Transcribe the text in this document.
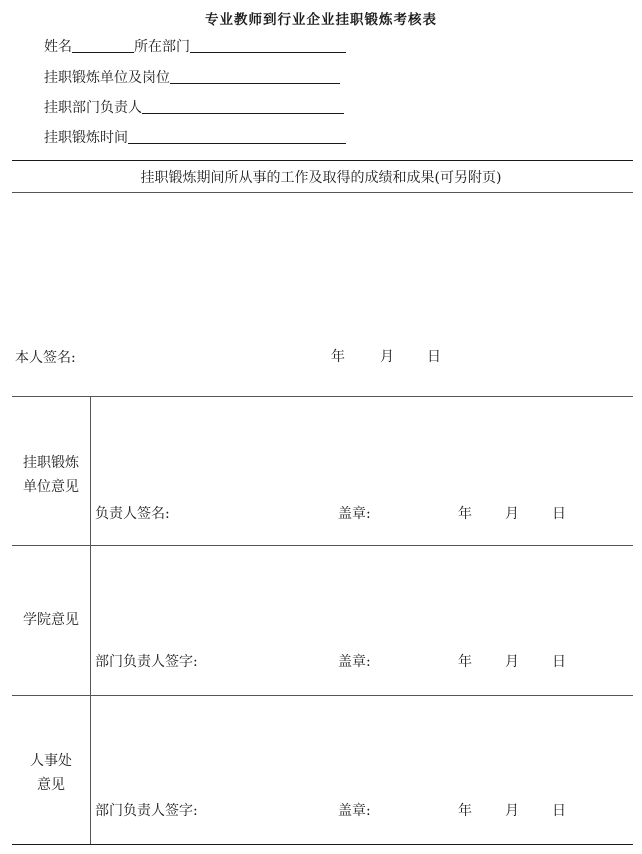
专业教师到行业企业挂职锻炼考核表
姓名	所在部门
挂职锻炼单位及岗位
挂职部门负责人
挂职锻炼时间
挂职锻炼期间所从事的工作及取得的成绩和成果(可另附页)
本人签名:	年	月 日
挂职锻炼
单位意见
负责人签名:	盖章:	年 月 日
学院意见
部门负责人签字:	盖章:	年 月 日
人事处
意见
部门负责人签字:	盖章:	年 月 日
